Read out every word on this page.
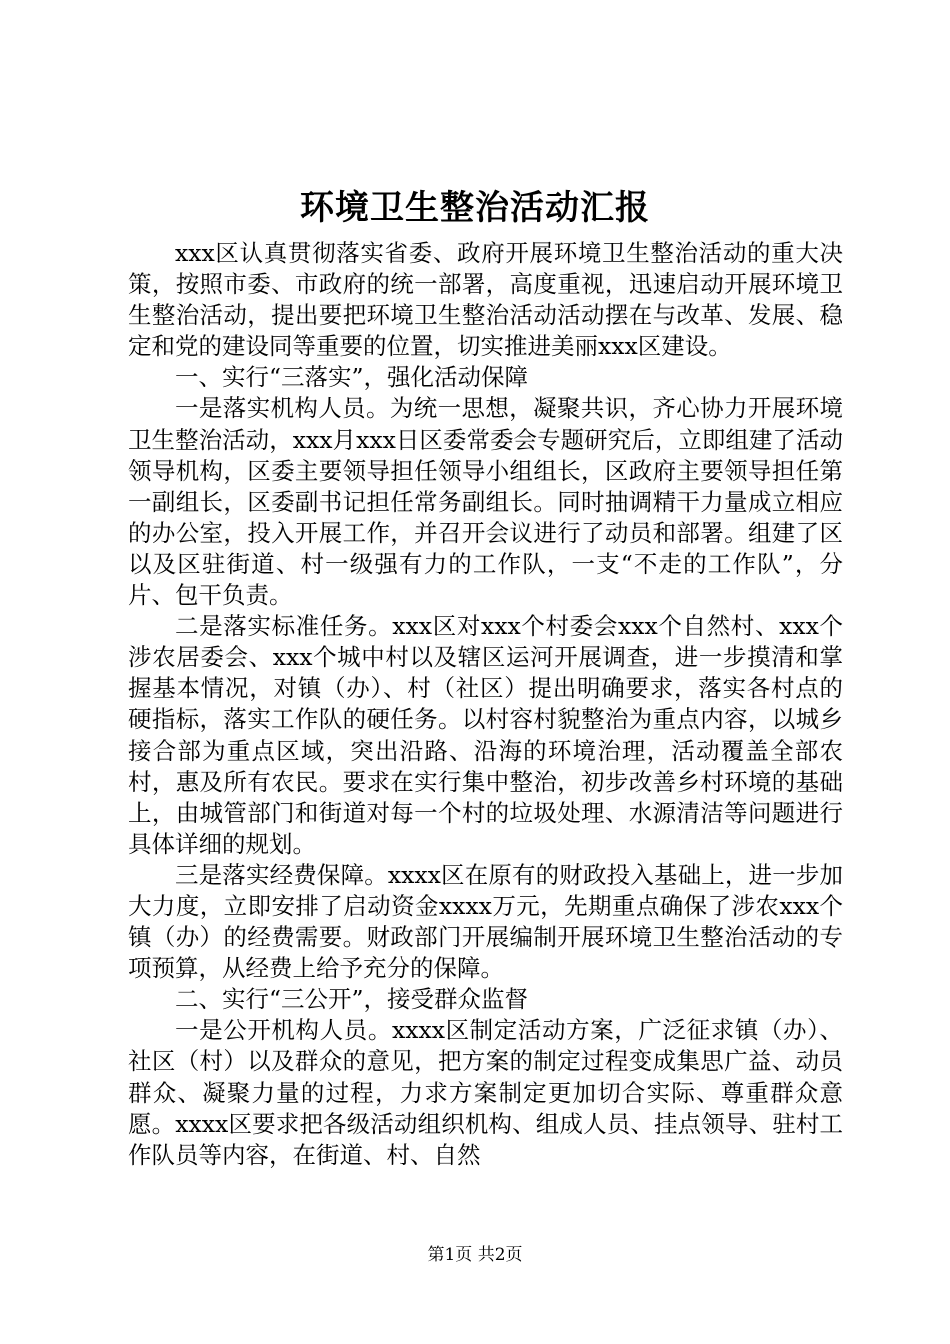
环境卫生整治活动汇报

xxx区认真贯彻落实省委、政府开展环境卫生整治活动的重大决策，按照市委、市政府的统一部署，高度重视，迅速启动开展环境卫生整治活动，提出要把环境卫生整治活动活动摆在与改革、发展、稳定和党的建设同等重要的位置，切实推进美丽xxx区建设。

一、实行“三落实”，强化活动保障

一是落实机构人员。为统一思想，凝聚共识，齐心协力开展环境卫生整治活动，xxx月xxx日区委常委会专题研究后，立即组建了活动领导机构，区委主要领导担任领导小组组长，区政府主要领导担任第一副组长，区委副书记担任常务副组长。同时抽调精干力量成立相应的办公室，投入开展工作，并召开会议进行了动员和部署。组建了区以及区驻街道、村一级强有力的工作队，一支“不走的工作队”，分片、包干负责。

二是落实标准任务。xxx区对xxx个村委会xxx个自然村、xxx个涉农居委会、xxx个城中村以及辖区运河开展调查，进一步摸清和掌握基本情况，对镇（办）、村（社区）提出明确要求，落实各村点的硬指标，落实工作队的硬任务。以村容村貌整治为重点内容，以城乡接合部为重点区域，突出沿路、沿海的环境治理，活动覆盖全部农村，惠及所有农民。要求在实行集中整治，初步改善乡村环境的基础上，由城管部门和街道对每一个村的垃圾处理、水源清洁等问题进行具体详细的规划。

三是落实经费保障。xxxx区在原有的财政投入基础上，进一步加大力度，立即安排了启动资金xxxx万元，先期重点确保了涉农xxx个镇（办）的经费需要。财政部门开展编制开展环境卫生整治活动的专项预算，从经费上给予充分的保障。

二、实行“三公开”，接受群众监督

一是公开机构人员。xxxx区制定活动方案，广泛征求镇（办）、社区（村）以及群众的意见，把方案的制定过程变成集思广益、动员群众、凝聚力量的过程，力求方案制定更加切合实际、尊重群众意愿。xxxx区要求把各级活动组织机构、组成人员、挂点领导、驻村工作队员等内容，在街道、村、自然

第1页 共2页
